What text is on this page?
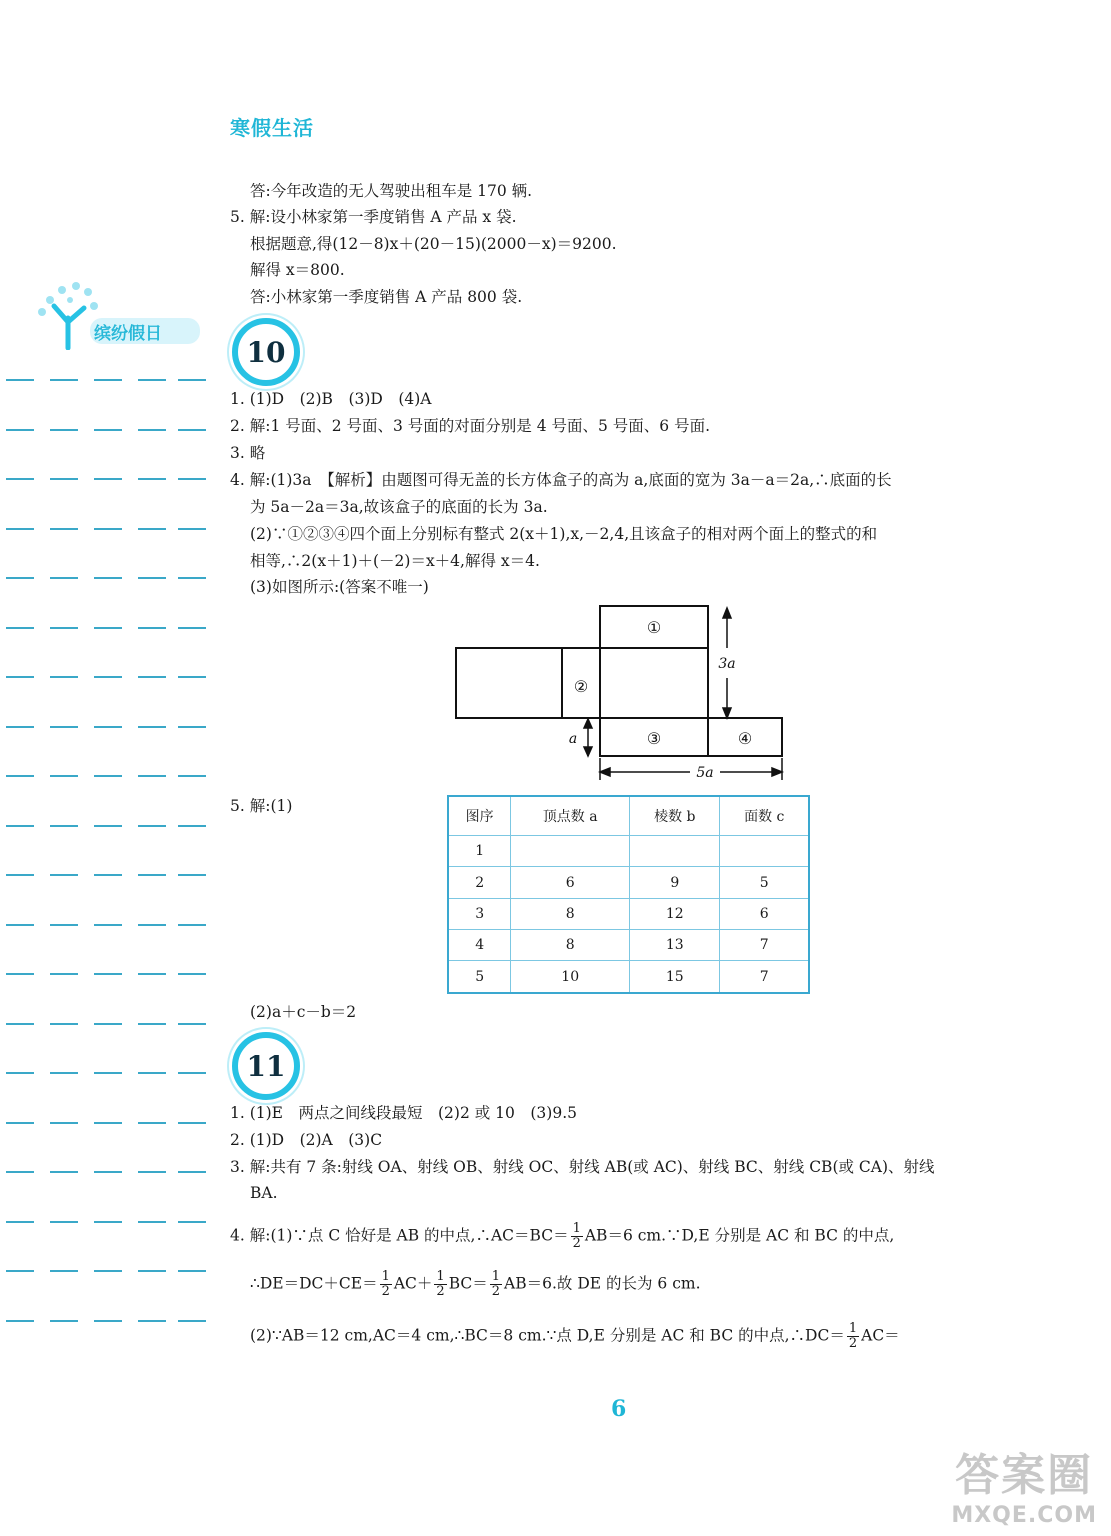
寒假生活
缤纷假日
答:今年改造的无人驾驶出租车是 170 辆.
5. 解:设小林家第一季度销售 A 产品 x 袋.
根据题意,得(12－8)x＋(20－15)(2000－x)＝9200.
解得 x＝800.
答:小林家第一季度销售 A 产品 800 袋.
10
1. (1)D　(2)B　(3)D　(4)A
2. 解:1 号面、2 号面、3 号面的对面分别是 4 号面、5 号面、6 号面.
3. 略
4. 解:(1)3a　【解析】由题图可得无盖的长方体盒子的高为 a,底面的宽为 3a－a＝2a,∴底面的长
为 5a－2a＝3a,故该盒子的底面的长为 3a.
(2)∵①②③④四个面上分别标有整式 2(x＋1),x,－2,4,且该盒子的相对两个面上的整式的和
相等,∴2(x＋1)＋(－2)＝x＋4,解得 x＝4.
(3)如图所示:(答案不唯一)
①
②
③	④
3a
a
5a
5. 解:(1)
图序	顶点数 a	棱数 b	面数 c
1			
2	6	9	5
3	8	12	6
4	8	13	7
5	10	15	7
(2)a＋c－b＝2
11
1. (1)E　两点之间线段最短　(2)2 或 10　(3)9.5
2. (1)D　(2)A　(3)C
3. 解:共有 7 条:射线 OA、射线 OB、射线 OC、射线 AB(或 AC)、射线 BC、射线 CB(或 CA)、射线
BA.
4. 解:(1)∵点 C 恰好是 AB 的中点,∴AC＝BC＝ $\frac{1}{2} AB=6$ cm.∵D,E 分别是 AC 和 BC 的中点,
∴DE＝DC＋CE＝ $\frac{1}{2} AC+ \frac{1}{2} BC= \frac{1}{2} AB=6$.故 DE 的长为 6 cm.
(2)∵AB＝12 cm,AC＝4 cm,∴BC＝8 cm.∵点 D,E 分别是 AC 和 BC 的中点,∴DC＝ $\frac{1}{2} AC=$
6
答案圈
MXQE.COM
